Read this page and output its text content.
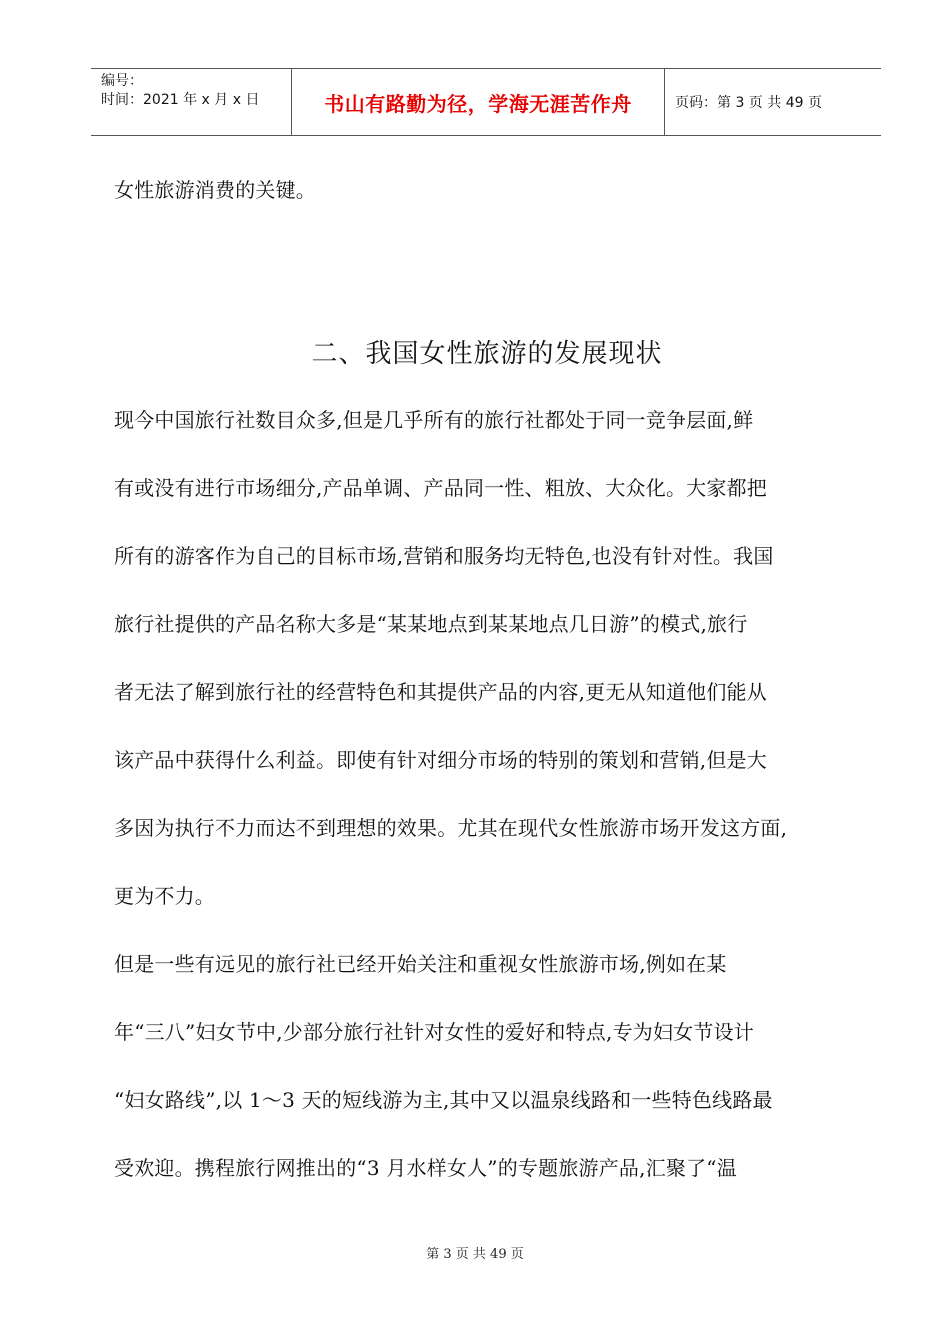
编号：
时间：2021 年 x 月 x 日	书山有路勤为径，学海无涯苦作舟	页码：第 3 页 共 49 页
女性旅游消费的关键。
二、我国女性旅游的发展现状
现今中国旅行社数目众多,但是几乎所有的旅行社都处于同一竞争层面,鲜
有或没有进行市场细分,产品单调、产品同一性、粗放、大众化。大家都把
所有的游客作为自己的目标市场,营销和服务均无特色,也没有针对性。我国
旅行社提供的产品名称大多是“某某地点到某某地点几日游”的模式,旅行
者无法了解到旅行社的经营特色和其提供产品的内容,更无从知道他们能从
该产品中获得什么利益。即使有针对细分市场的特别的策划和营销,但是大
多因为执行不力而达不到理想的效果。尤其在现代女性旅游市场开发这方面,
更为不力。
但是一些有远见的旅行社已经开始关注和重视女性旅游市场,例如在某
年“三八”妇女节中,少部分旅行社针对女性的爱好和特点,专为妇女节设计
“妇女路线”,以 1～3 天的短线游为主,其中又以温泉线路和一些特色线路最
受欢迎。携程旅行网推出的“3 月水样女人”的专题旅游产品,汇聚了“温
第 3 页 共 49 页
